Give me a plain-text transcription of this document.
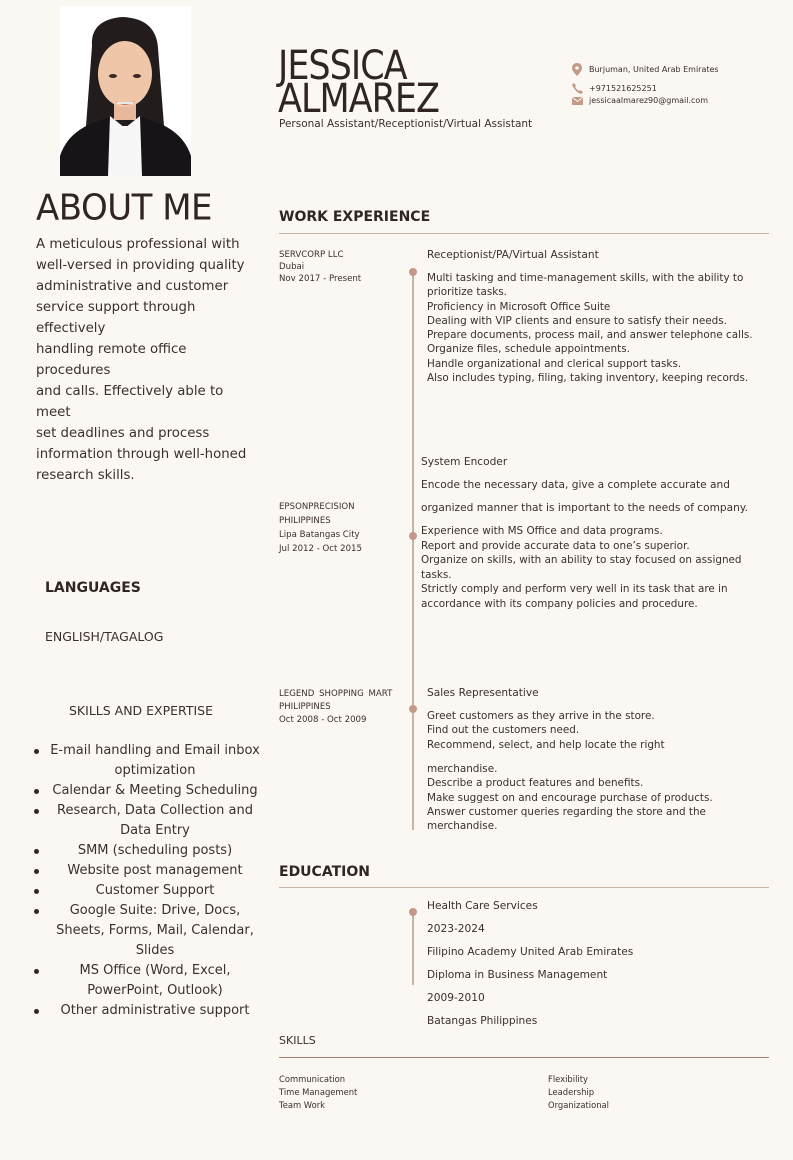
JESSICA
ALMAREZ
Personal Assistant/Receptionist/Virtual Assistant
Burjuman, United Arab Emirates
+971521625251
jessicaalmarez90@gmail.com
ABOUT ME
A meticulous professional with
well-versed in providing quality
administrative and customer
service support through
effectively
handling remote office
procedures
and calls. Effectively able to
meet
set deadlines and process
information through well-honed
research skills.
LANGUAGES
ENGLISH/TAGALOG
SKILLS AND EXPERTISE
E-mail handling and Email inbox optimization
Calendar & Meeting Scheduling
Research, Data Collection and Data Entry
SMM (scheduling posts)
Website post management
Customer Support
Google Suite: Drive, Docs, Sheets, Forms, Mail, Calendar, Slides
MS Office (Word, Excel, PowerPoint, Outlook)
Other administrative support
WORK EXPERIENCE
SERVCORP LLC
Dubai
Nov 2017 - Present
Receptionist/PA/Virtual Assistant
Multi tasking and time-management skills, with the ability to
prioritize tasks.
Proficiency in Microsoft Office Suite
Dealing with VIP clients and ensure to satisfy their needs.
Prepare documents, process mail, and answer telephone calls.
Organize files, schedule appointments.
Handle organizational and clerical support tasks.
Also includes typing, filing, taking inventory, keeping records.
System Encoder
Encode the necessary data, give a complete accurate and
organized manner that is important to the needs of company.
EPSONPRECISION
PHILIPPINES
Lipa Batangas City
Jul 2012 - Oct 2015
Experience with MS Office and data programs.
Report and provide accurate data to one’s superior.
Organize on skills, with an ability to stay focused on assigned
tasks.
Strictly comply and perform very well in its task that are in
accordance with its company policies and procedure.
LEGEND SHOPPING MART
PHILIPPINES
Oct 2008 - Oct 2009
Sales Representative
Greet customers as they arrive in the store.
Find out the customers need.
Recommend, select, and help locate the right
merchandise.
Describe a product features and benefits.
Make suggest on and encourage purchase of products.
Answer customer queries regarding the store and the
merchandise.
EDUCATION
Health Care Services
2023-2024
Filipino Academy United Arab Emirates
Diploma in Business Management
2009-2010
Batangas Philippines
SKILLS
Communication
Time Management
Team Work
Flexibility
Leadership
Organizational
